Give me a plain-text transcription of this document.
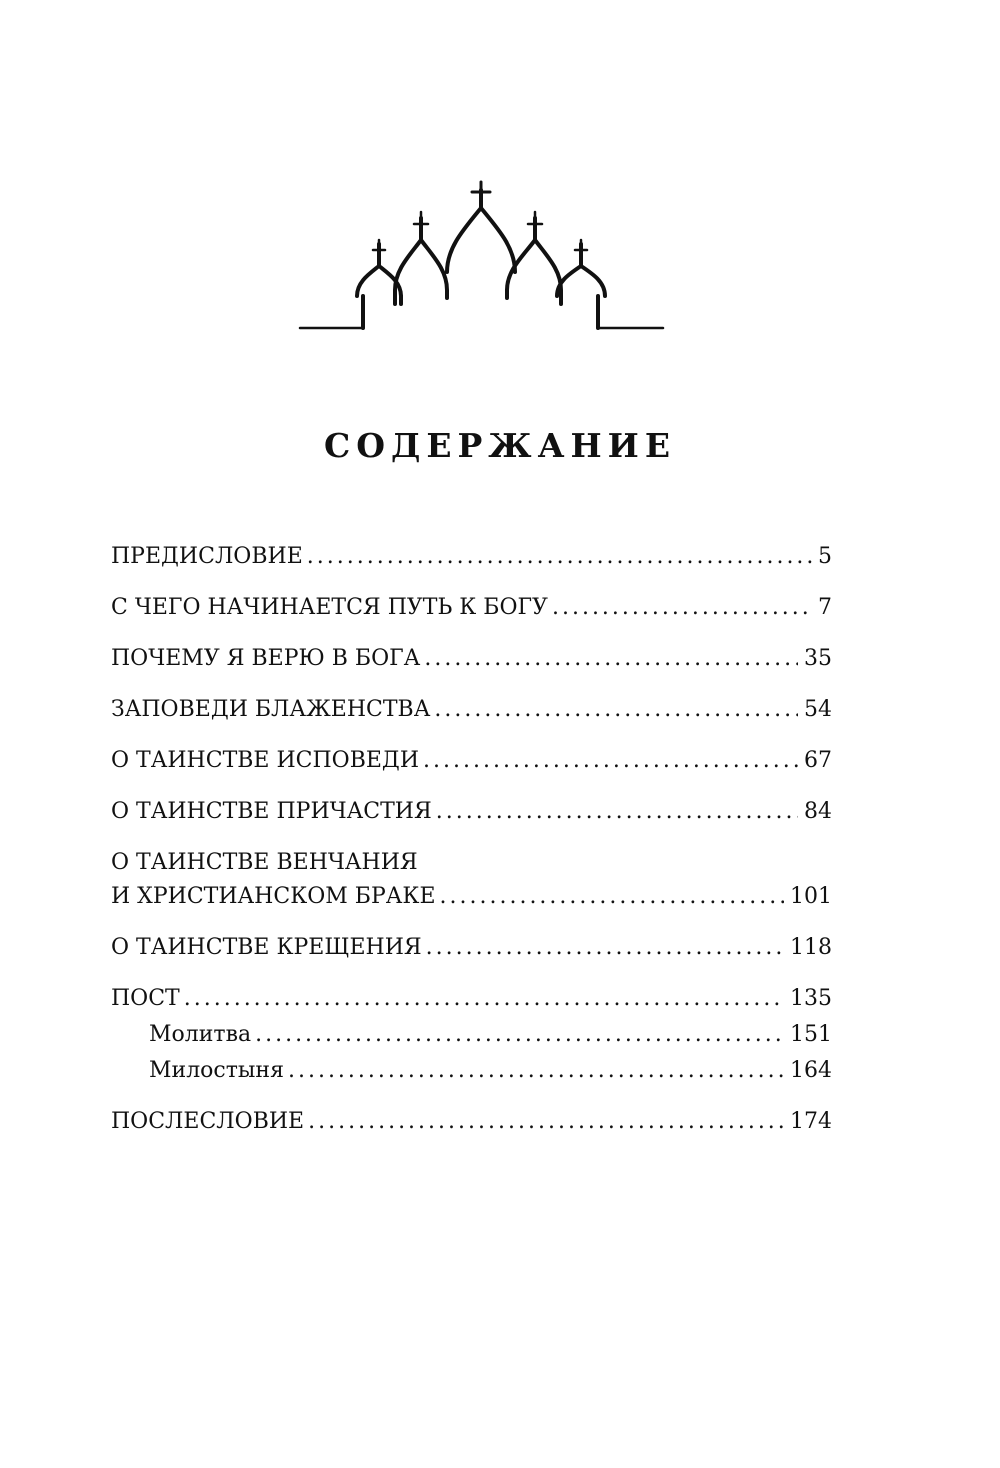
СОДЕРЖАНИЕ
ПРЕДИСЛОВИЕ .....	5
С ЧЕГО НАЧИНАЕТСЯ ПУТЬ К БОГУ .....	7
ПОЧЕМУ Я ВЕРЮ В БОГА .....	35
ЗАПОВЕДИ БЛАЖЕНСТВА .....	54
О ТАИНСТВЕ ИСПОВЕДИ .....	67
О ТАИНСТВЕ ПРИЧАСТИЯ .....	84
О ТАИНСТВЕ ВЕНЧАНИЯ
И ХРИСТИАНСКОМ БРАКЕ .....	101
О ТАИНСТВЕ КРЕЩЕНИЯ .....	118
ПОСТ .....	135
Молитва .....	151
Милостыня .....	164
ПОСЛЕСЛОВИЕ .....	174
